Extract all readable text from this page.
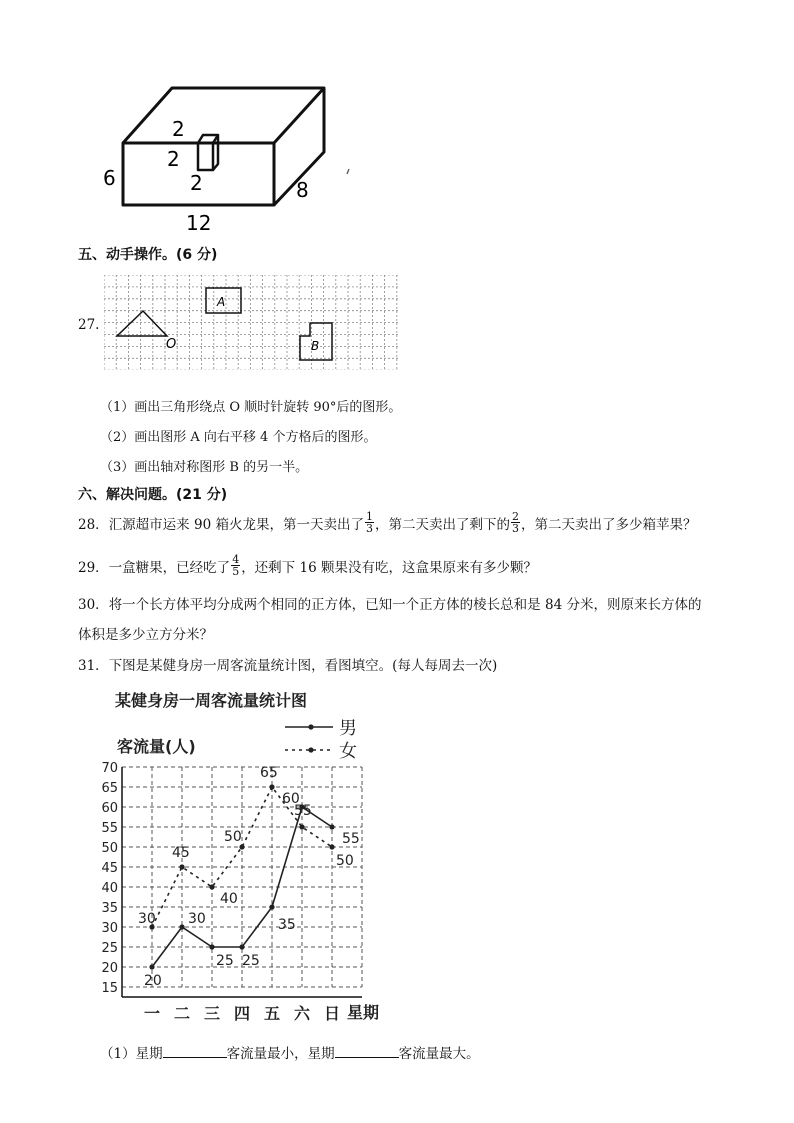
2
2
2
6	8
12
五、动手操作。(6 分)
27.
A
O	B
（1）画出三角形绕点 O 顺时针旋转 90°后的图形。
（2）画出图形 A 向右平移 4 个方格后的图形。
（3）画出轴对称图形 B 的另一半。
六、解决问题。(21 分)
28．汇源超市运来 90 箱火龙果，第一天卖出了 $\frac{1}{3}$ ，第二天卖出了剩下的 $\frac{2}{3}$ ，第二天卖出了多少箱苹果？
29．一盒糖果，已经吃了 $\frac{4}{5}$ ，还剩下 16 颗果没有吃，这盒果原来有多少颗？
30．将一个长方体平均分成两个相同的正方体，已知一个正方体的棱长总和是 84 分米，则原来长方体的
体积是多少立方分米？
31．下图是某健身房一周客流量统计图，看图填空。(每人每周去一次)
某健身房一周客流量统计图
客流量(人)
星期
男
女
15
20
25
30
35
40
45
50
55
60
65
70
一 二 三 四 五 六 日
20
30
25 25
35
60
55
30
45
40
50
65
55
50
（1）星期	客流量最小，星期	客流量最大。
